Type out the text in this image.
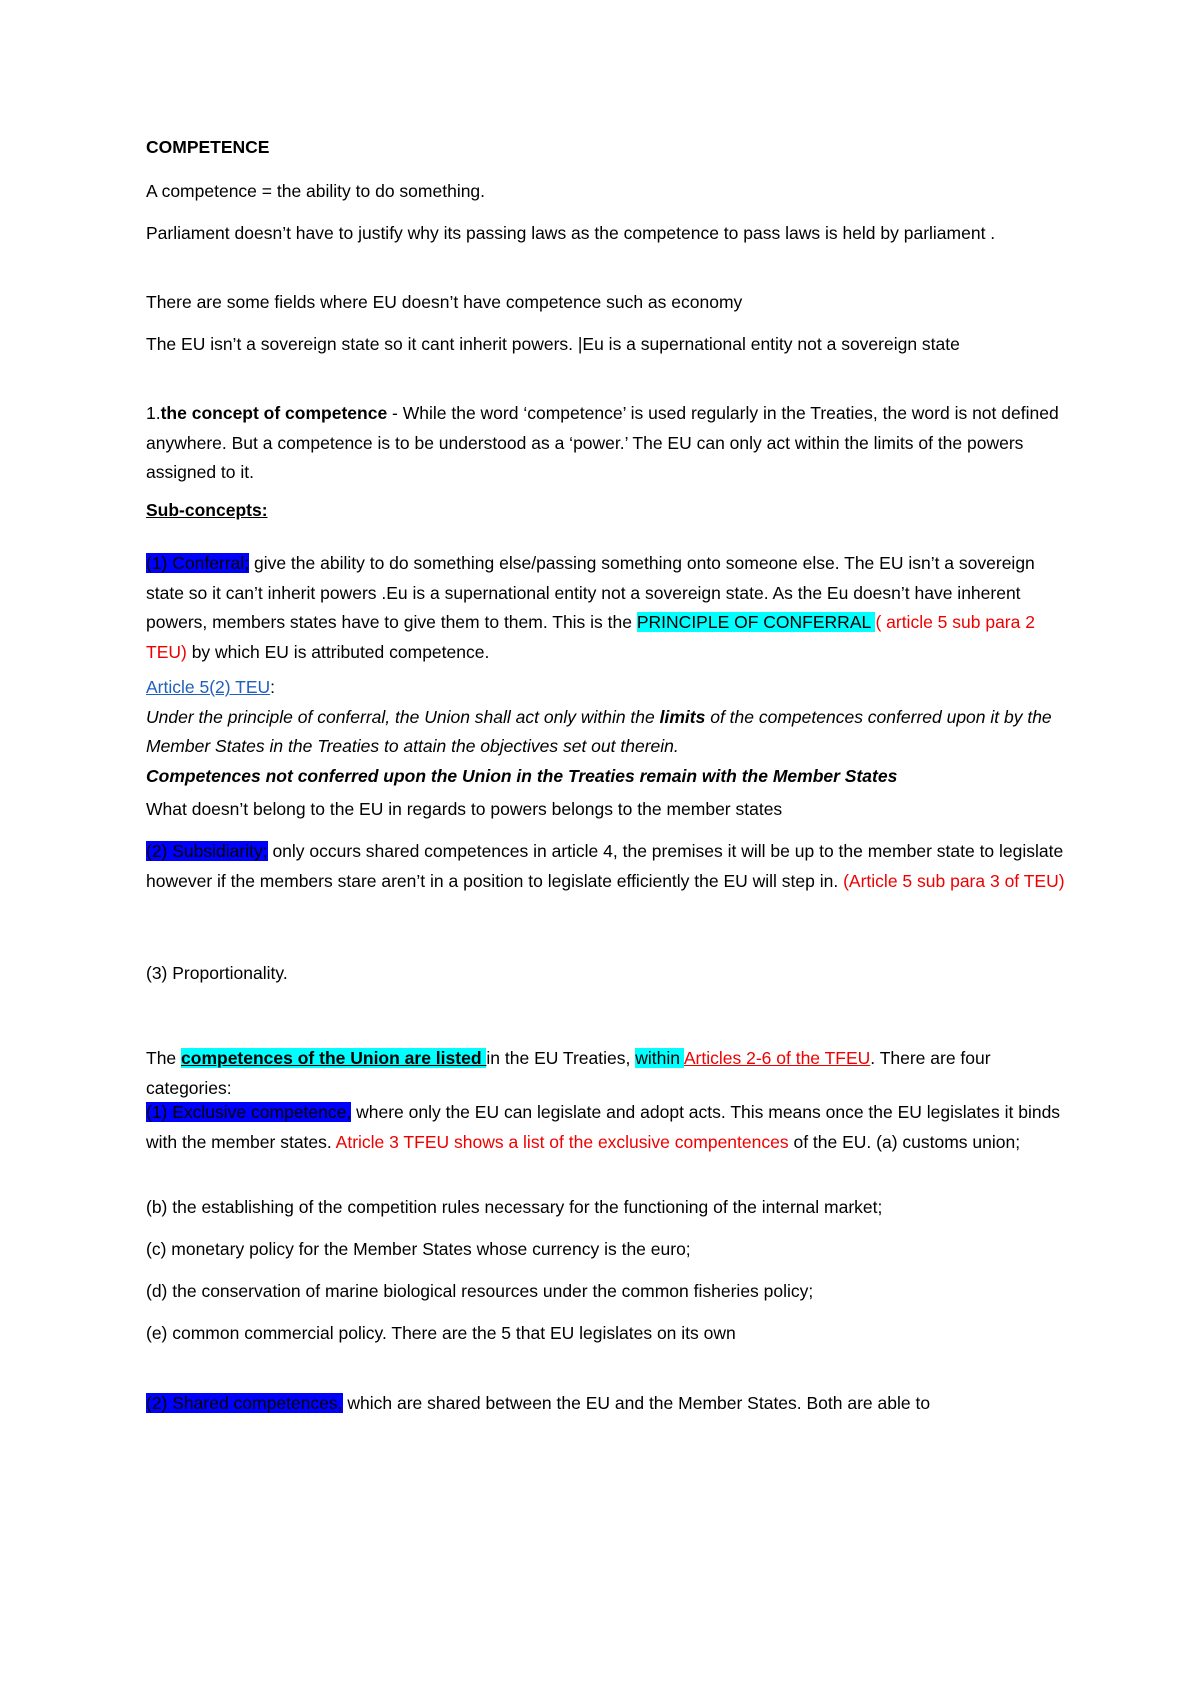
COMPETENCE
A competence = the ability to do something.
Parliament doesn’t have to justify why its passing laws as the competence to pass laws is held by parliament .
There are some fields where EU doesn’t have competence such as economy
The EU isn’t a sovereign state so it cant inherit powers. |Eu is a supernational entity not a sovereign state
1.the concept of competence - While the word ‘competence’ is used regularly in the Treaties, the word is not defined anywhere. But a competence is to be understood as a ‘power.’ The EU can only act within the limits of the powers assigned to it.
Sub-concepts:
(1) Conferral; give the ability to do something else/passing something onto someone else. The EU isn’t a sovereign state so it can’t inherit powers .Eu is a supernational entity not a sovereign state. As the Eu doesn’t have inherent powers, members states have to give them to them. This is the PRINCIPLE OF CONFERRAL ( article 5 sub para 2 TEU) by which EU is attributed competence.
Article 5(2) TEU:
Under the principle of conferral, the Union shall act only within the limits of the competences conferred upon it by the Member States in the Treaties to attain the objectives set out therein.
Competences not conferred upon the Union in the Treaties remain with the Member States
What doesn’t belong to the EU in regards to powers belongs to the member states
(2) Subsidiarity; only occurs shared competences in article 4, the premises it will be up to the member state to legislate however if the members stare aren’t in a position to legislate efficiently the EU will step in. (Article 5 sub para 3 of TEU)
(3) Proportionality.
The competences of the Union are listed in the EU Treaties, within Articles 2-6 of the TFEU. There are four categories:
(1) Exclusive competence, where only the EU can legislate and adopt acts. This means once the EU legislates it binds with the member states. Atricle 3 TFEU shows a list of the exclusive compentences of the EU. (a) customs union;
(b) the establishing of the competition rules necessary for the functioning of the internal market;
(c) monetary policy for the Member States whose currency is the euro;
(d) the conservation of marine biological resources under the common fisheries policy;
(e) common commercial policy. There are the 5 that EU legislates on its own
(2) Shared competences, which are shared between the EU and the Member States. Both are able to
